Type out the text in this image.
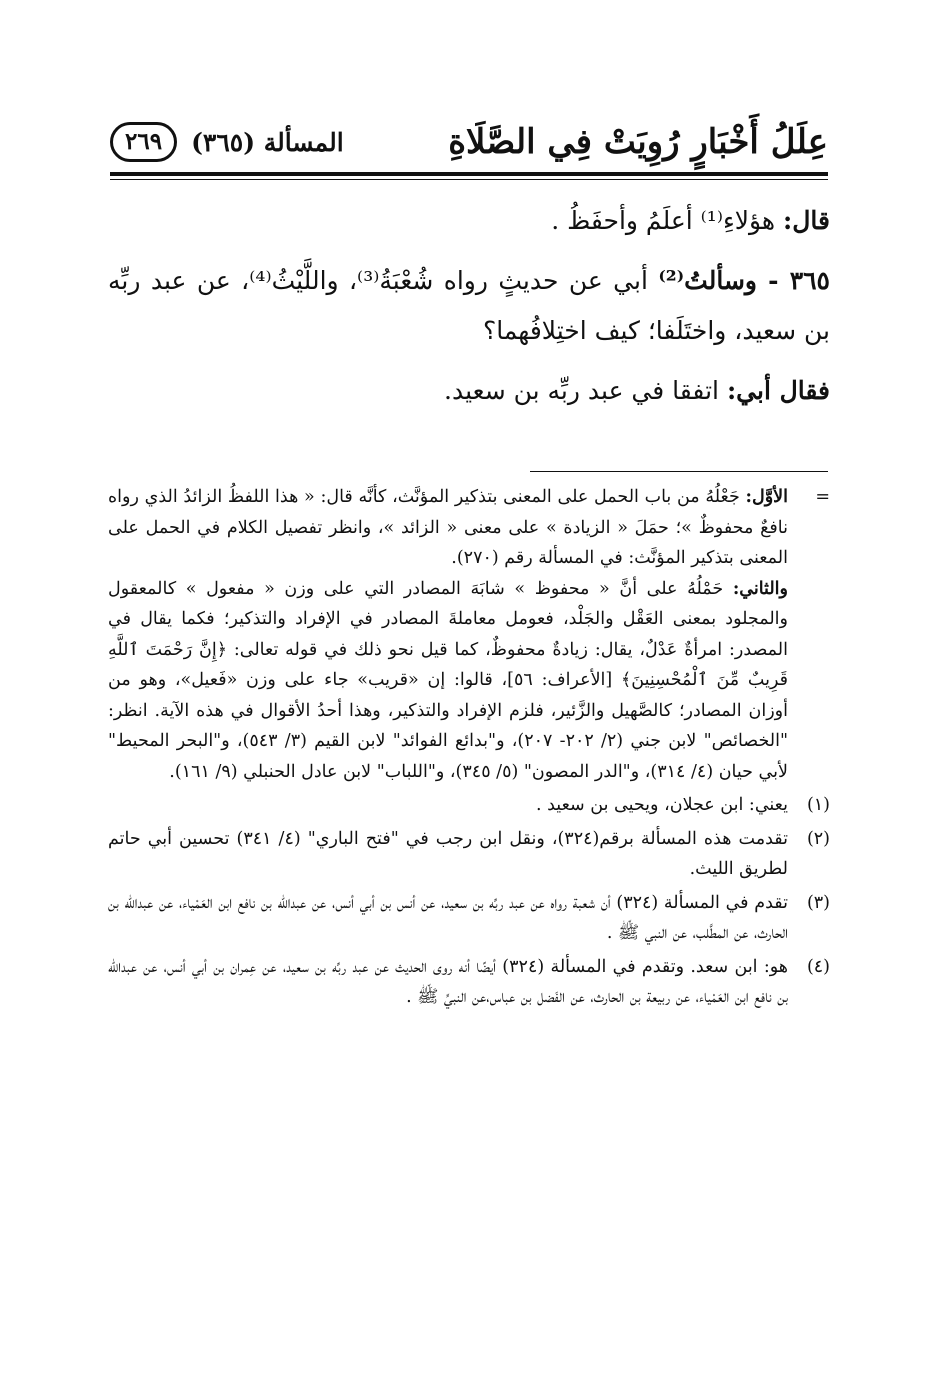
عِلَلُ أَخْبَارٍ رُوِيَتْ فِي الصَّلَاةِ
المسألة (٣٦٥)
٢٦٩

قال: هؤلاءِ⁽¹⁾ أعلَمُ وأحفَظُ .

٣٦٥ - وسألتُ⁽²⁾ أبي عن حديثٍ رواه شُعْبَةُ⁽³⁾، واللَّيْثُ⁽⁴⁾، عن عبد ربِّه بن سعيد، واختَلَفا؛ كيف اختِلافُهما؟

فقال أبي: اتفقا في عبد ربِّه بن سعيد.

=
الأوَّل: جَعْلُهُ من باب الحمل على المعنى بتذكير المؤنَّث، كأنَّه قال: « هذا اللفظُ الزائدُ الذي رواه نافعٌ محفوظٌ »؛ حمَلَ « الزيادة » على معنى « الزائد »، وانظر تفصيل الكلام في الحمل على المعنى بتذكير المؤنَّث: في المسألة رقم (٢٧٠).
والثاني: حَمْلُهُ على أنَّ « محفوظ » شابَهَ المصادر التي على وزن « مفعول » كالمعقول والمجلود بمعنى العَقْل والجَلْد، فعومل معاملةَ المصادر في الإفراد والتذكير؛ فكما يقال في المصدر: امرأةٌ عَدْلٌ، يقال: زيادةٌ محفوظٌ، كما قيل نحو ذلك في قوله تعالى: ﴿إِنَّ رَحْمَتَ ٱللَّهِ قَرِيبٌ مِّنَ ٱلْمُحْسِنِينَ﴾ [الأعراف: ٥٦]، قالوا: إن «قريب» جاء على وزن «فَعيل»، وهو من أوزان المصادر؛ كالصَّهيل والزَّئير، فلزم الإفراد والتذكير، وهذا أحدُ الأقوال في هذه الآية. انظر: "الخصائص" لابن جني (٢/ ٢٠٢- ٢٠٧)، و"بدائع الفوائد" لابن القيم (٣/ ٥٤٣)، و"البحر المحيط" لأبي حيان (٤/ ٣١٤)، و"الدر المصون" (٥/ ٣٤٥)، و"اللباب" لابن عادل الحنبلي (٩/ ١٦١).
(١)
يعني: ابن عجلان، ويحيى بن سعيد .
(٢)
تقدمت هذه المسألة برقم(٣٢٤)، ونقل ابن رجب في "فتح الباري" (٤/ ٣٤١) تحسين أبي حاتم لطريق الليث.
(٣)
تقدم في المسألة (٣٢٤) أن شعبة رواه عن عبد ربِّه بن سعيد، عن أنس بن أبي أنس، عن عبدالله بن نافع ابن العَمْياء، عن عبدالله بن الحارث، عن المطَّلب، عن النبي ﷺ .
(٤)
هو: ابن سعد. وتقدم في المسألة (٣٢٤) أيضًا أنه روى الحديث عن عبد ربِّه بن سعيد، عن عِمران بن أبي أنس، عن عبدالله بن نافع ابن العَمْياء، عن ربيعة بن الحارث، عن الفَضل بن عباس،عن النبيِّ ﷺ .
